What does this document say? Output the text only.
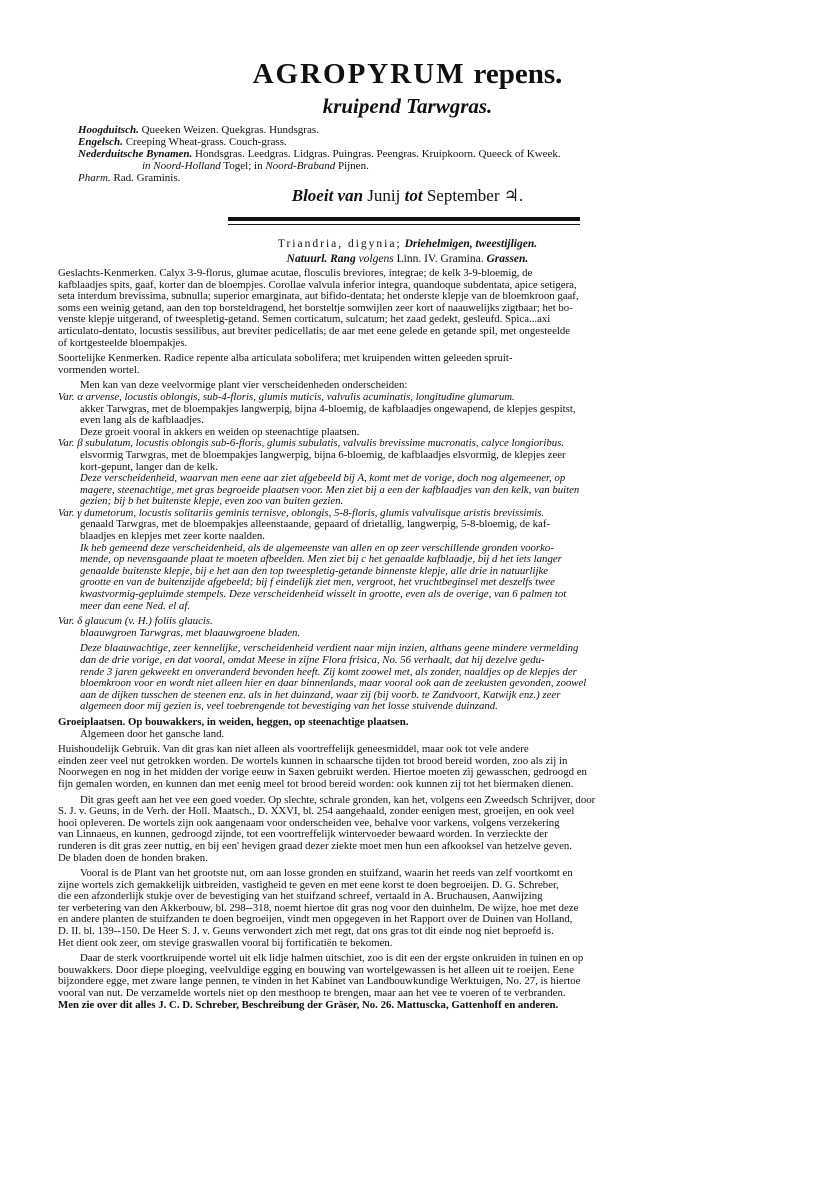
AGROPYRUM repens.
kruipend Tarwgras.
Hoogduitsch. Queeken Weizen. Quekgras. Hundsgras.
Engelsch. Creeping Wheat-grass. Couch-grass.
Nederduitsche Bynamen. Hondsgras. Leedgras. Lidgras. Puingras. Peengras. Kruipkoorn. Queeck of Kweek.
in Noord-Holland Togel; in Noord-Braband Pijnen.
Pharm. Rad. Graminis.
Bloeit van Junij tot September ♃.
Triandria, digynia; Driehelmigen, tweestijligen.
Natuurl. Rang volgens Linn. IV. Gramina. Grassen.

Geslachts-Kenmerken. Calyx 3-9-florus, glumae acutae, flosculis breviores, integrae; de kelk 3-9-bloemig, de

kafblaadjes spits, gaaf, korter dan de bloempjes. Corollae valvula inferior integra, quandoque subdentata, apice setigera,

seta interdum brevissima, subnulla; superior emarginata, aut bifido-dentata; het onderste klepje van de bloemkroon gaaf,

soms een weinig getand, aan den top borsteldragend, het borsteltje somwijlen zeer kort of naauwelijks zigtbaar; het bo-

venste klepje uitgerand, of tweespletig-getand. Semen corticatum, sulcatum; het zaad gedekt, gesleufd. Spica...axi

articulato-dentato, locustis sessilibus, aut breviter pedicellatis; de aar met eene gelede en getande spil, met ongesteelde

of kortgesteelde bloempakjes.

Soortelijke Kenmerken. Radice repente alba articulata sobolifera; met kruipenden witten geleeden spruit-

vormenden wortel.

Men kan van deze veelvormige plant vier verscheidenheden onderscheiden:

Var. α arvense, locustis oblongis, sub-4-floris, glumis muticis, valvulis acuminatis, longitudine glumarum.

akker Tarwgras, met de bloempakjes langwerpig, bijna 4-bloemig, de kafblaadjes ongewapend, de klepjes gespitst,

even lang als de kafblaadjes.

Deze groeit vooral in akkers en weiden op steenachtige plaatsen.

Var. β subulatum, locustis oblongis sub-6-floris, glumis subulatis, valvulis brevissime mucronatis, calyce longioribus.

elsvormig Tarwgras, met de bloempakjes langwerpig, bijna 6-bloemig, de kafblaadjes elsvormig, de klepjes zeer

kort-gepunt, langer dan de kelk.

Deze verscheidenheid, waarvan men eene aar ziet afgebeeld bij A, komt met de vorige, doch nog algemeener, op

magere, steenachtige, met gras begroeide plaatsen voor. Men ziet bij a een der kafblaadjes van den kelk, van buiten

gezien; bij b het buitenste klepje, even zoo van buiten gezien.

Var. γ dumetorum, locustis solitariis geminis ternisve, oblongis, 5-8-floris, glumis valvulisque aristis brevissimis.

genaald Tarwgras, met de bloempakjes alleenstaande, gepaard of drietallig, langwerpig, 5-8-bloemig, de kaf-

blaadjes en klepjes met zeer korte naalden.

Ik heb gemeend deze verscheidenheid, als de algemeenste van allen en op zeer verschillende gronden voorko-

mende, op nevensgaande plaat te moeten afbeelden. Men ziet bij c het genaalde kafblaadje, bij d het iets langer

genaalde buitenste klepje, bij e het aan den top tweespletig-getande binnenste klepje, alle drie in natuurlijke

grootte en van de buitenzijde afgebeeld; bij f eindelijk ziet men, vergroot, het vruchtbeginsel met deszelfs twee

kwastvormig-gepluimde stempels. Deze verscheidenheid wisselt in grootte, even als de overige, van 6 palmen tot

meer dan eene Ned. el af.

Var. δ glaucum (v. H.) foliis glaucis.

blaauwgroen Tarwgras, met blaauwgroene bladen.

Deze blaauwachtige, zeer kennelijke, verscheidenheid verdient naar mijn inzien, althans geene mindere vermelding

dan de drie vorige, en dat vooral, omdat Meese in zijne Flora frisica, No. 56 verhaalt, dat hij dezelve gedu-

rende 3 jaren gekweekt en onveranderd bevonden heeft. Zij komt zoowel met, als zonder, naaldjes op de klepjes der

bloemkroon voor en wordt niet alleen hier en daar binnenlands, maar vooral ook aan de zeekusten gevonden, zoowel

aan de dijken tusschen de steenen enz. als in het duinzand, waar zij (bij voorb. te Zandvoort, Katwijk enz.) zeer

algemeen door mij gezien is, veel toebrengende tot bevestiging van het losse stuivende duinzand.

Groeiplaatsen. Op bouwakkers, in weiden, heggen, op steenachtige plaatsen.

Algemeen door het gansche land.

Huishoudelijk Gebruik. Van dit gras kan niet alleen als voortreffelijk geneesmiddel, maar ook tot vele andere

einden zeer veel nut getrokken worden. De wortels kunnen in schaarsche tijden tot brood bereid worden, zoo als zij in

Noorwegen en nog in het midden der vorige eeuw in Saxen gebruikt werden. Hiertoe moeten zij gewasschen, gedroogd en

fijn gemalen worden, en kunnen dan met eenig meel tot brood bereid worden: ook kunnen zij tot het biermaken dienen.

Dit gras geeft aan het vee een goed voeder. Op slechte, schrale gronden, kan het, volgens een Zweedsch Schrijver, door

S. J. v. Geuns, in de Verh. der Holl. Maatsch., D. XXVI, bl. 254 aangehaald, zonder eenigen mest, groeijen, en ook veel

hooi opleveren. De wortels zijn ook aangenaam voor onderscheiden vee, behalve voor varkens, volgens verzekering

van Linnaeus, en kunnen, gedroogd zijnde, tot een voortreffelijk wintervoeder bewaard worden. In verzieckte der

runderen is dit gras zeer nuttig, en bij een' hevigen graad dezer ziekte moet men hun een afkooksel van hetzelve geven.

De bladen doen de honden braken.

Vooral is de Plant van het grootste nut, om aan losse gronden en stuifzand, waarin het reeds van zelf voortkomt en

zijne wortels zich gemakkelijk uitbreiden, vastigheid te geven en met eene korst te doen begroeijen. D. G. Schreber,

die een afzonderlijk stukje over de bevestiging van het stuifzand schreef, vertaald in A. Bruchausen, Aanwijzing

ter verbetering van den Akkerbouw, bl. 298--318, noemt hiertoe dit gras nog voor den duinhelm. De wijze, hoe met deze

en andere planten de stuifzanden te doen begroeijen, vindt men opgegeven in het Rapport over de Duinen van Holland,

D. II. bl. 139--150. De Heer S. J. v. Geuns verwondert zich met regt, dat ons gras tot dit einde nog niet beproefd is.

Het dient ook zeer, om stevige graswallen vooral bij fortificatiën te bekomen.

Daar de sterk voortkruipende wortel uit elk lidje halmen uitschiet, zoo is dit een der ergste onkruiden in tuinen en op

bouwakkers. Door diepe ploeging, veelvuldige egging en bouwing van wortelgewassen is het alleen uit te roeijen. Eene

bijzondere egge, met zware lange pennen, te vinden in het Kabinet van Landbouwkundige Werktuigen, No. 27, is hiertoe

vooral van nut. De verzamelde wortels niet op den mesthoop te brengen, maar aan het vee te voeren of te verbranden.

Men zie over dit alles J. C. D. Schreber, Beschreibung der Gräser, No. 26. Mattuscka, Gattenhoff en anderen.
